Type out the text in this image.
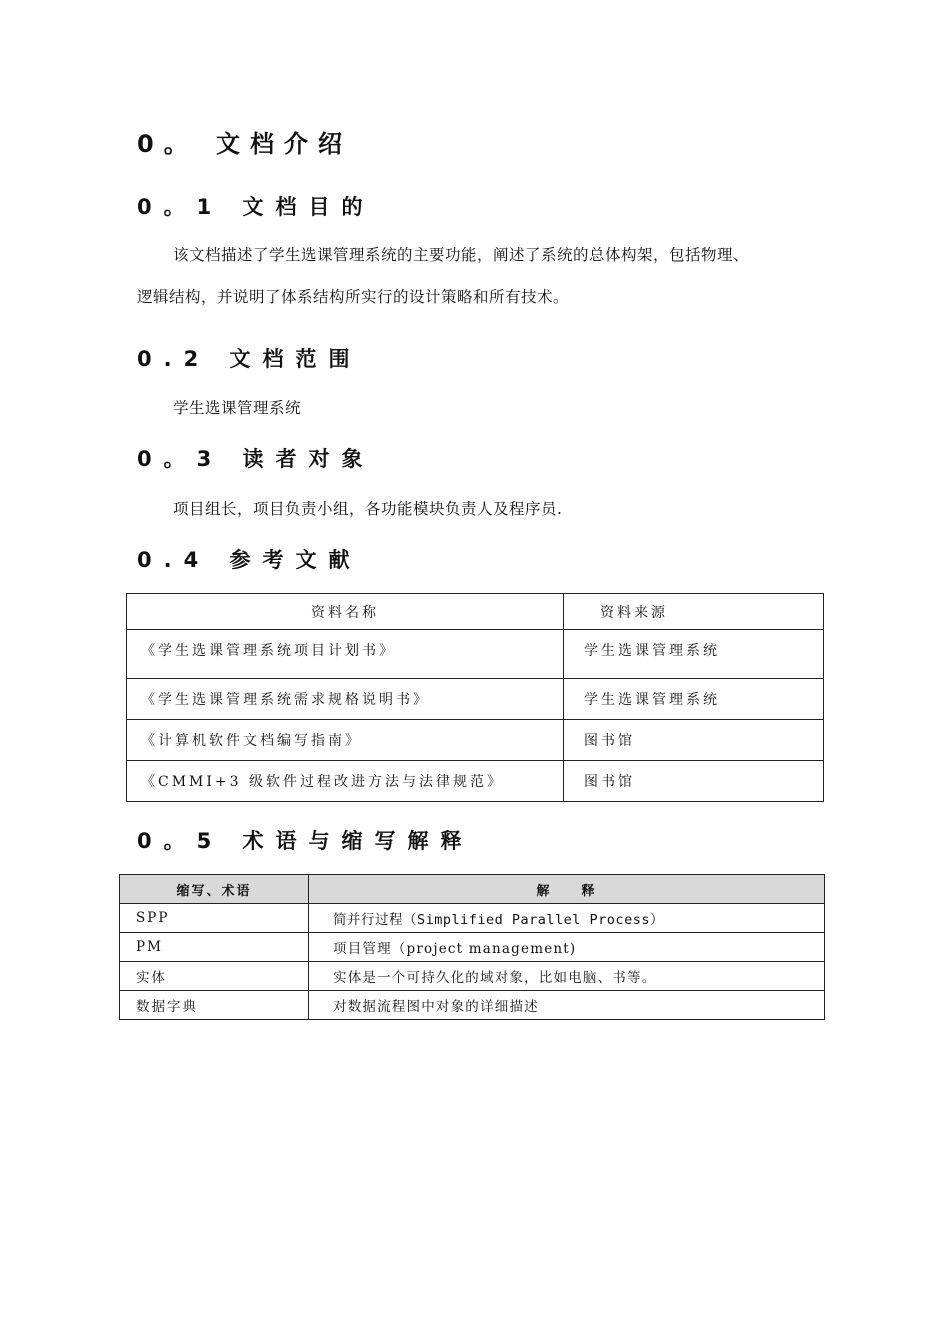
0。 文档介绍
0。1 文档目的
该文档描述了学生选课管理系统的主要功能，阐述了系统的总体构架，包括物理、
逻辑结构，并说明了体系结构所实行的设计策略和所有技术。
0.2 文档范围
学生选课管理系统
0。3 读者对象
项目组长，项目负责小组，各功能模块负责人及程序员.
0.4 参考文献
资料名称	资料来源
《学生选课管理系统项目计划书》	学生选课管理系统
《学生选课管理系统需求规格说明书》	学生选课管理系统
《计算机软件文档编写指南》	图书馆
《CMMI+3 级软件过程改进方法与法律规范》	图书馆
0。5 术语与缩写解释
缩写、术语	解　　释
SPP	简并行过程（Simplified Parallel Process）
PM	项目管理（project management)
实体	实体是一个可持久化的域对象，比如电脑、书等。
数据字典	对数据流程图中对象的详细描述
